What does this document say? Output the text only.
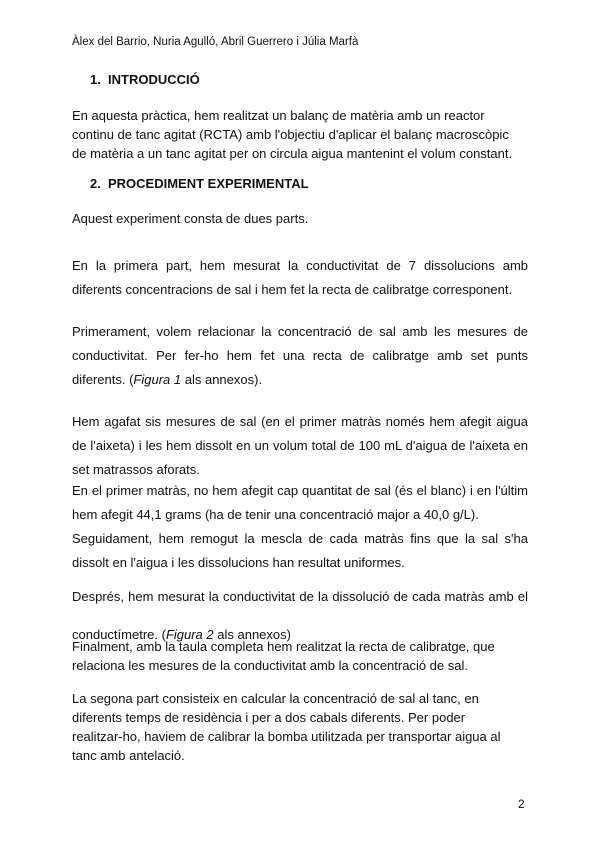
Àlex del Barrio, Nuria Agulló, Abril Guerrero i Júlia Marfà
1. INTRODUCCIÓ
En aquesta pràctica, hem realitzat un balanç de matèria amb un reactor
continu de tanc agitat (RCTA) amb l'objectiu d'aplicar el balanç macroscòpic
de matèria a un tanc agitat per on circula aigua mantenint el volum constant.
2. PROCEDIMENT EXPERIMENTAL

Aquest experiment consta de dues parts.

En la primera part, hem mesurat la conductivitat de 7 dissolucions amb diferents concentracions de sal i hem fet la recta de calibratge corresponent.

Primerament, volem relacionar la concentració de sal amb les mesures de conductivitat. Per fer-ho hem fet una recta de calibratge amb set punts diferents. (Figura 1 als annexos).

Hem agafat sis mesures de sal (en el primer matràs només hem afegit aigua de l'aixeta) i les hem dissolt en un volum total de 100 mL d'aigua de l'aixeta en set matrassos aforats.

En el primer matràs, no hem afegit cap quantitat de sal (és el blanc) i en l'últim hem afegit 44,1 grams (ha de tenir una concentració major a 40,0 g/L).

Seguidament, hem remogut la mescla de cada matràs fins que la sal s'ha dissolt en l'aigua i les dissolucions han resultat uniformes.

Després, hem mesurat la conductivitat de la dissolució de cada matràs amb el
conductímetre. (Figura 2 als annexos)
Finalment, amb la taula completa hem realitzat la recta de calibratge, que
relaciona les mesures de la conductivitat amb la concentració de sal.
La segona part consisteix en calcular la concentració de sal al tanc, en
diferents temps de residència i per a dos cabals diferents. Per poder
realitzar-ho, haviem de calibrar la bomba utilitzada per transportar aigua al
tanc amb antelació.
2
